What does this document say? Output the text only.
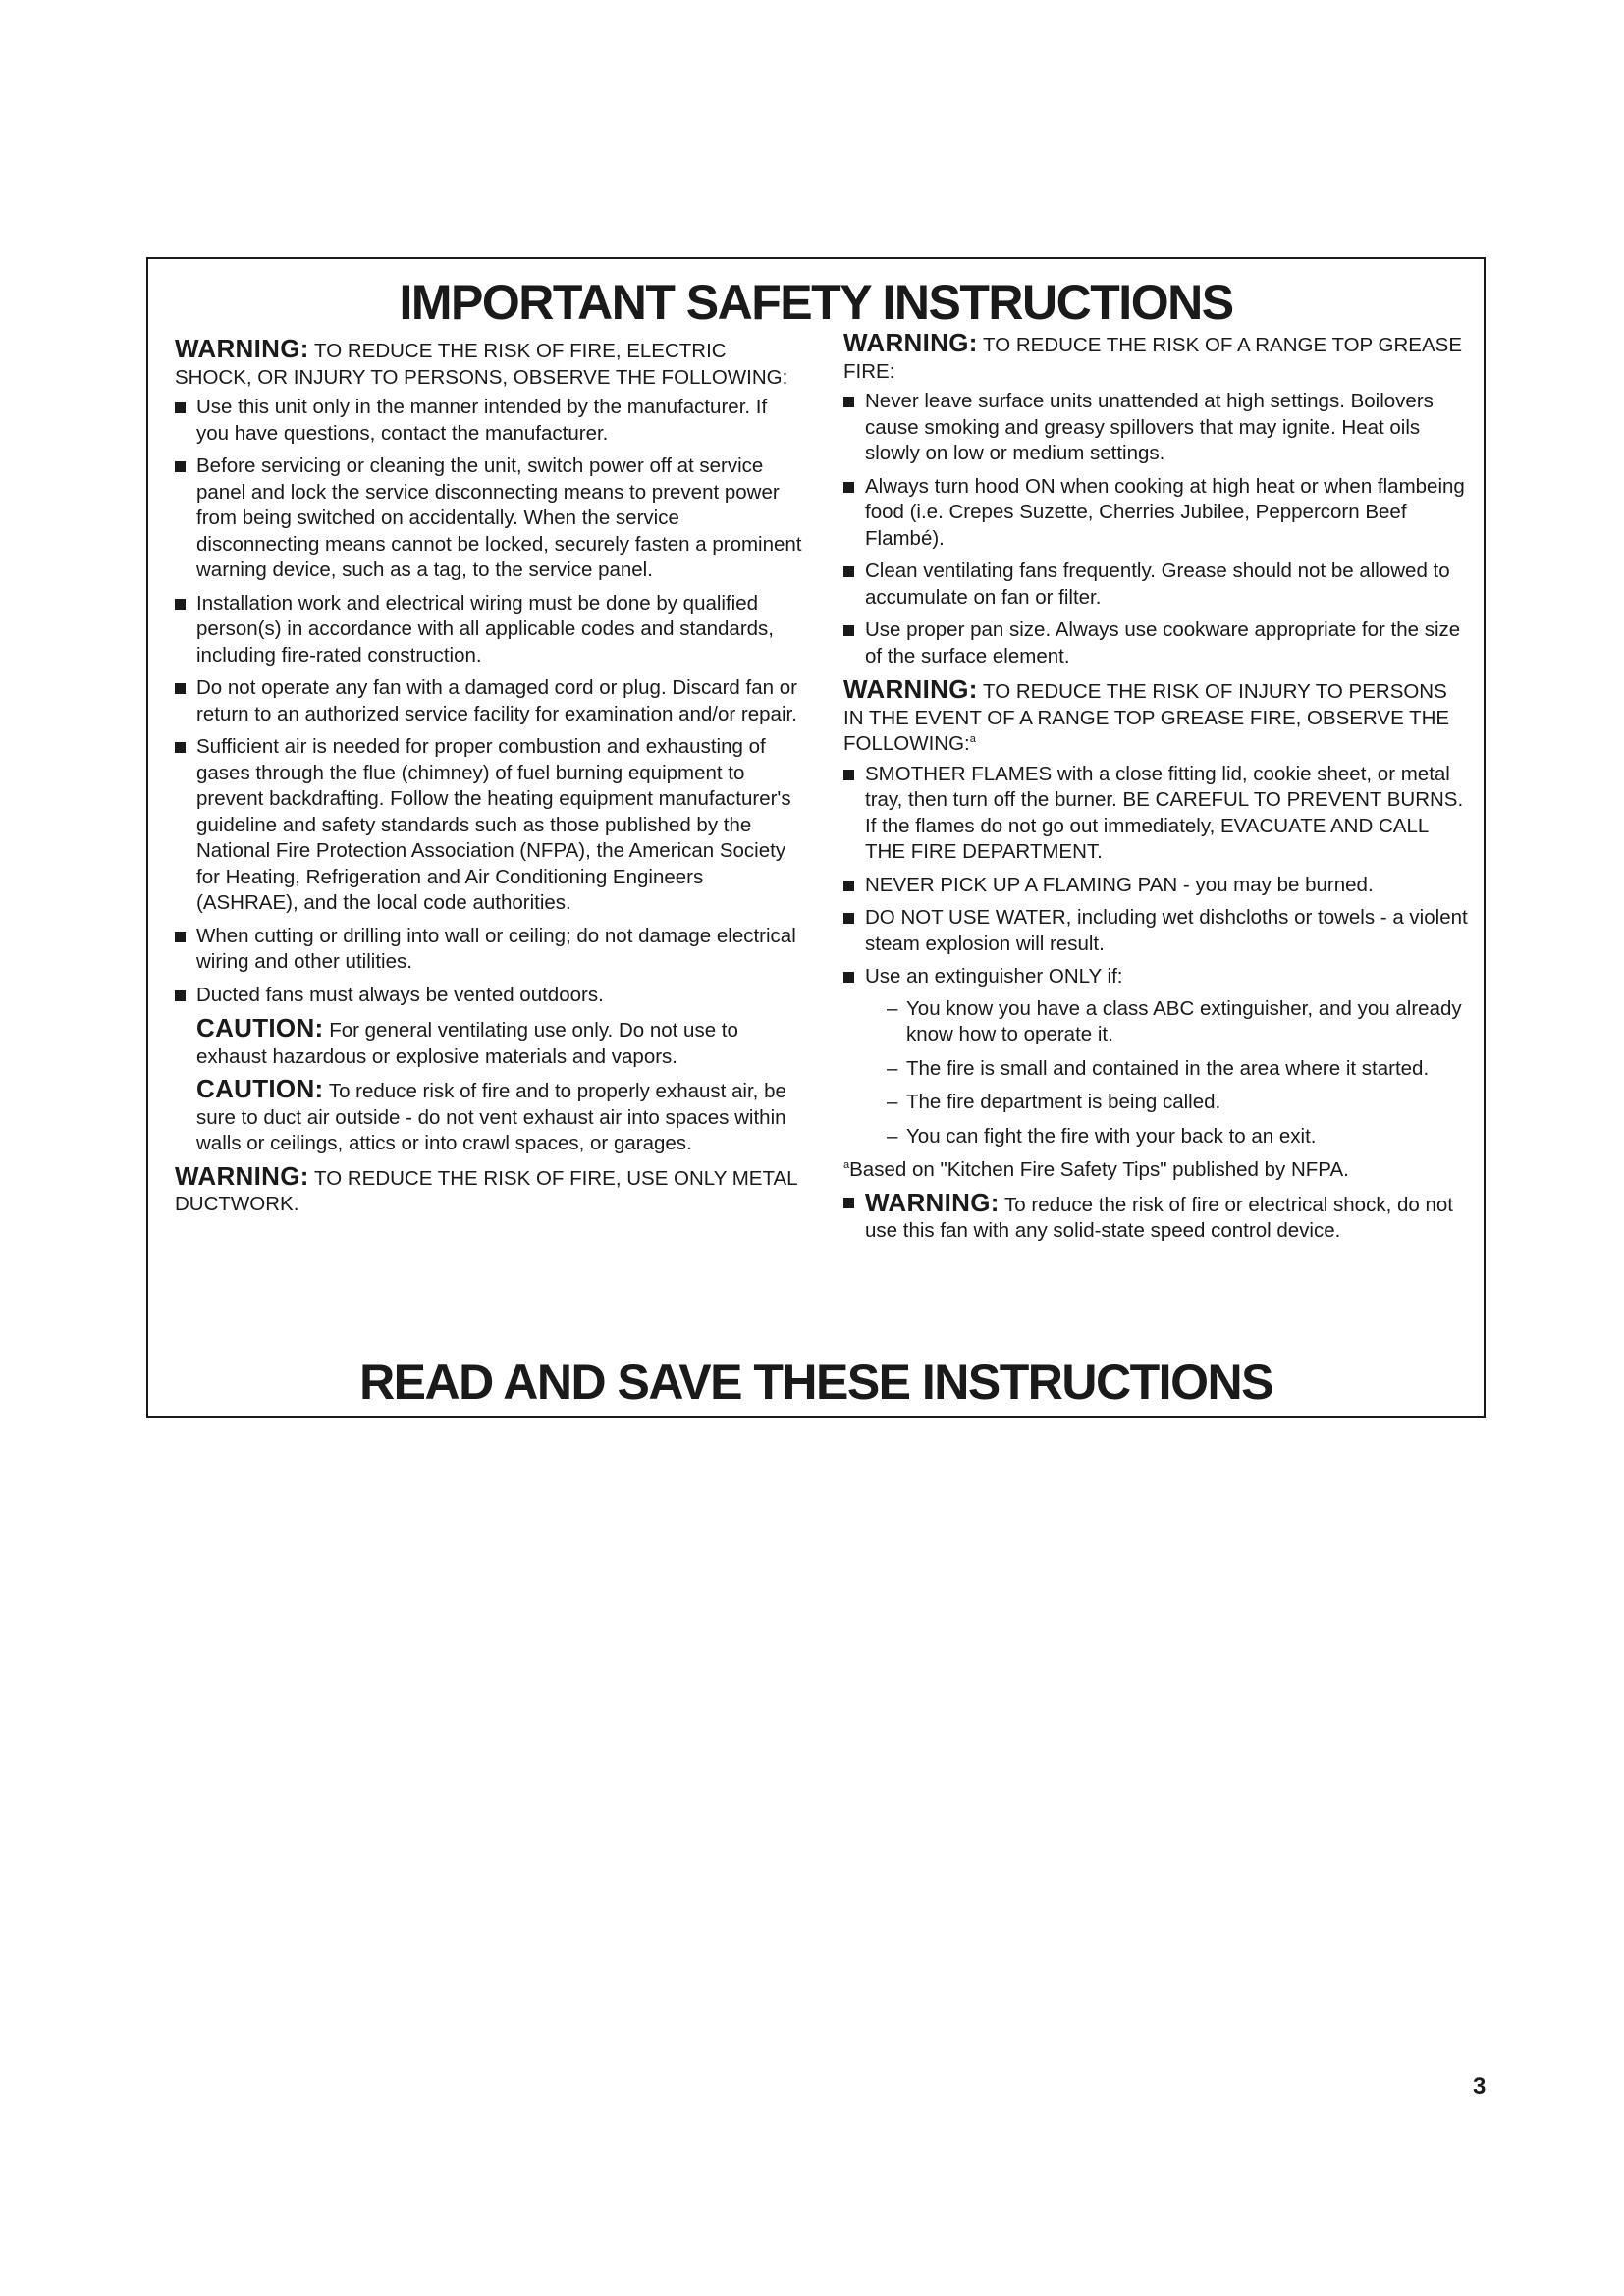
IMPORTANT SAFETY INSTRUCTIONS

WARNING: TO REDUCE THE RISK OF FIRE, ELECTRIC SHOCK, OR INJURY TO PERSONS, OBSERVE THE FOLLOWING:

Use this unit only in the manner intended by the manufacturer. If you have questions, contact the manufacturer.
Before servicing or cleaning the unit, switch power off at service panel and lock the service disconnecting means to prevent power from being switched on accidentally. When the service disconnecting means cannot be locked, securely fasten a prominent warning device, such as a tag, to the service panel.
Installation work and electrical wiring must be done by qualified person(s) in accordance with all applicable codes and standards, including fire-rated construction.
Do not operate any fan with a damaged cord or plug. Discard fan or return to an authorized service facility for examination and/or repair.
Sufficient air is needed for proper combustion and exhausting of gases through the flue (chimney) of fuel burning equipment to prevent backdrafting. Follow the heating equipment manufacturer's guideline and safety standards such as those published by the National Fire Protection Association (NFPA), the American Society for Heating, Refrigeration and Air Conditioning Engineers (ASHRAE), and the local code authorities.
When cutting or drilling into wall or ceiling; do not damage electrical wiring and other utilities.
Ducted fans must always be vented outdoors.

CAUTION: For general ventilating use only. Do not use to exhaust hazardous or explosive materials and vapors.

CAUTION: To reduce risk of fire and to properly exhaust air, be sure to duct air outside - do not vent exhaust air into spaces within walls or ceilings, attics or into crawl spaces, or garages.

WARNING: TO REDUCE THE RISK OF FIRE, USE ONLY METAL DUCTWORK.

WARNING: TO REDUCE THE RISK OF A RANGE TOP GREASE FIRE:

Never leave surface units unattended at high settings. Boilovers cause smoking and greasy spillovers that may ignite. Heat oils slowly on low or medium settings.
Always turn hood ON when cooking at high heat or when flambeing food (i.e. Crepes Suzette, Cherries Jubilee, Peppercorn Beef Flambé).
Clean ventilating fans frequently. Grease should not be allowed to accumulate on fan or filter.
Use proper pan size. Always use cookware appropriate for the size of the surface element.

WARNING: TO REDUCE THE RISK OF INJURY TO PERSONS IN THE EVENT OF A RANGE TOP GREASE FIRE, OBSERVE THE FOLLOWING:$^a$

SMOTHER FLAMES with a close fitting lid, cookie sheet, or metal tray, then turn off the burner. BE CAREFUL TO PREVENT BURNS. If the flames do not go out immediately, EVACUATE AND CALL THE FIRE DEPARTMENT.
NEVER PICK UP A FLAMING PAN - you may be burned.
DO NOT USE WATER, including wet dishcloths or towels - a violent steam explosion will result.
Use an extinguisher ONLY if:
– You know you have a class ABC extinguisher, and you already know how to operate it.
– The fire is small and contained in the area where it started.
– The fire department is being called.
– You can fight the fire with your back to an exit.

$^a$Based on "Kitchen Fire Safety Tips" published by NFPA.

WARNING: To reduce the risk of fire or electrical shock, do not use this fan with any solid-state speed control device.
READ AND SAVE THESE INSTRUCTIONS
3
